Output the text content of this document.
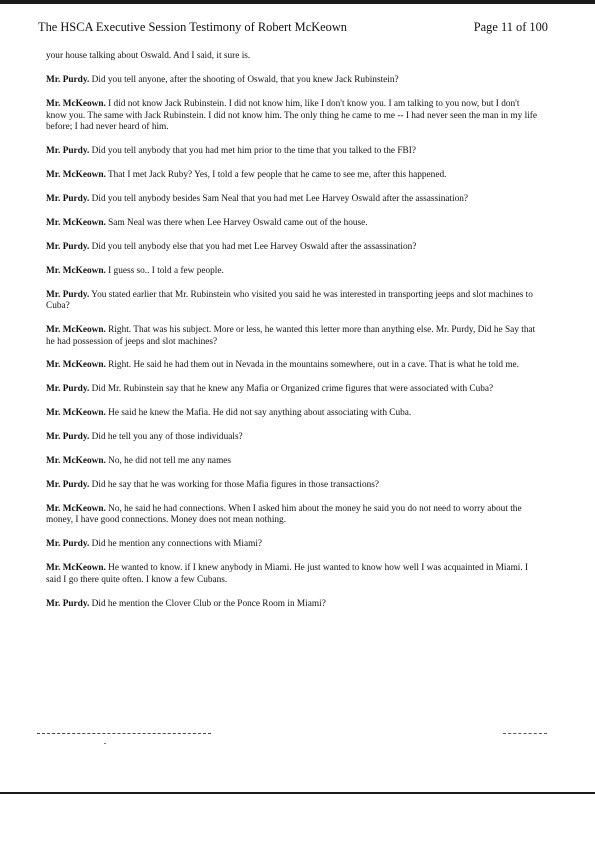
The HSCA Executive Session Testimony of Robert McKeown	Page 11 of 100

your house talking about Oswald. And I said, it sure is.

Mr. Purdy. Did you tell anyone, after the shooting of Oswald, that you knew Jack Rubinstein?

Mr. McKeown. I did not know Jack Rubinstein. I did not know him, like I don't know you. I am talking to you now, but I don't know you. The same with Jack Rubinstein. I did not know him. The only thing he came to me -- I had never seen the man in my life before; I had never heard of him.

Mr. Purdy. Did you tell anybody that you had met him prior to the time that you talked to the FBI?

Mr. McKeown. That I met Jack Ruby? Yes, I told a few people that he came to see me, after this happened.

Mr. Purdy. Did you tell anybody besides Sam Neal that you had met Lee Harvey Oswald after the assassination?

Mr. McKeown. Sam Neal was there when Lee Harvey Oswald came out of the house.

Mr. Purdy. Did you tell anybody else that you had met Lee Harvey Oswald after the assassination?

Mr. McKeown. I guess so.. I told a few people.

Mr. Purdy. You stated earlier that Mr. Rubinstein who visited you said he was interested in transporting jeeps and slot machines to Cuba?

Mr. McKeown. Right. That was his subject. More or less, he wanted this letter more than anything else. Mr. Purdy, Did he Say that he had possession of jeeps and slot machines?

Mr. McKeown. Right. He said he had them out in Nevada in the mountains somewhere, out in a cave. That is what he told me.

Mr. Purdy. Did Mr. Rubinstein say that he knew any Mafia or Organized crime figures that were associated with Cuba?

Mr. McKeown. He said he knew the Mafia. He did not say anything about associating with Cuba.

Mr. Purdy. Did he tell you any of those individuals?

Mr. McKeown. No, he did not tell me any names

Mr. Purdy. Did he say that he was working for those Mafia figures in those transactions?

Mr. McKeown. No, he said he had connections. When I asked him about the money he said you do not need to worry about the money, I have good connections. Money does not mean nothing.

Mr. Purdy. Did he mention any connections with Miami?

Mr. McKeown. He wanted to know. if I knew anybody in Miami. He just wanted to know how well I was acquainted in Miami. I said I go there quite often. I know a few Cubans.

Mr. Purdy. Did he mention the Clover Club or the Ponce Room in Miami?
